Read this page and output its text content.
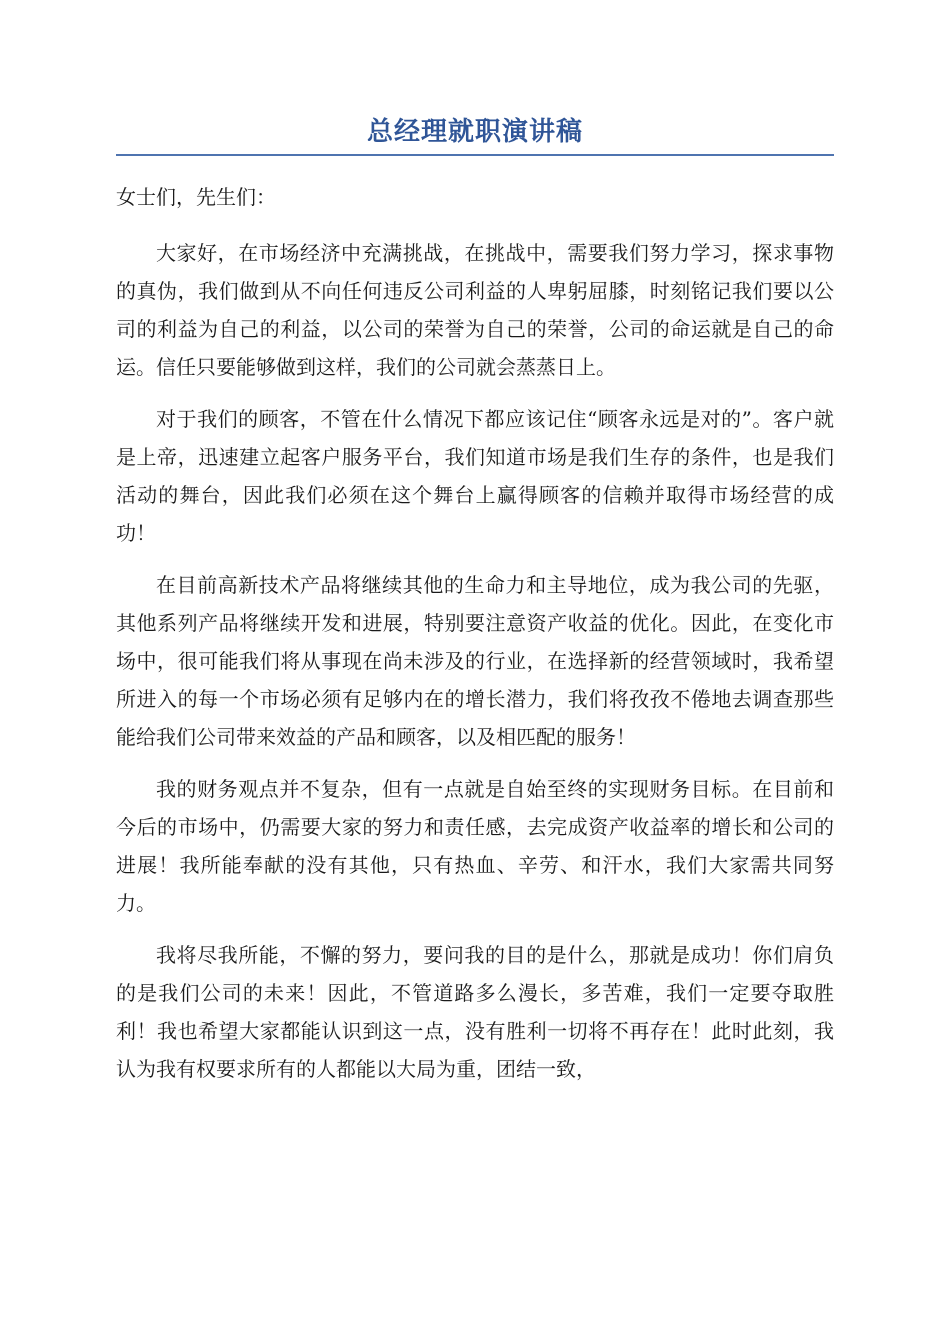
总经理就职演讲稿

女士们，先生们：

大家好，在市场经济中充满挑战，在挑战中，需要我们努力学习，探求事物的真伪，我们做到从不向任何违反公司利益的人卑躬屈膝，时刻铭记我们要以公司的利益为自己的利益，以公司的荣誉为自己的荣誉，公司的命运就是自己的命运。信任只要能够做到这样，我们的公司就会蒸蒸日上。

对于我们的顾客，不管在什么情况下都应该记住“顾客永远是对的”。客户就是上帝，迅速建立起客户服务平台，我们知道市场是我们生存的条件，也是我们活动的舞台，因此我们必须在这个舞台上赢得顾客的信赖并取得市场经营的成功！

在目前高新技术产品将继续其他的生命力和主导地位，成为我公司的先驱，其他系列产品将继续开发和进展，特别要注意资产收益的优化。因此，在变化市场中，很可能我们将从事现在尚未涉及的行业，在选择新的经营领域时，我希望所进入的每一个市场必须有足够内在的增长潜力，我们将孜孜不倦地去调查那些能给我们公司带来效益的产品和顾客，以及相匹配的服务！

我的财务观点并不复杂，但有一点就是自始至终的实现财务目标。在目前和今后的市场中，仍需要大家的努力和责任感，去完成资产收益率的增长和公司的进展！我所能奉献的没有其他，只有热血、辛劳、和汗水，我们大家需共同努力。

我将尽我所能，不懈的努力，要问我的目的是什么，那就是成功！你们肩负的是我们公司的未来！因此，不管道路多么漫长，多苦难，我们一定要夺取胜利！我也希望大家都能认识到这一点，没有胜利一切将不再存在！此时此刻，我认为我有权要求所有的人都能以大局为重，团结一致，
